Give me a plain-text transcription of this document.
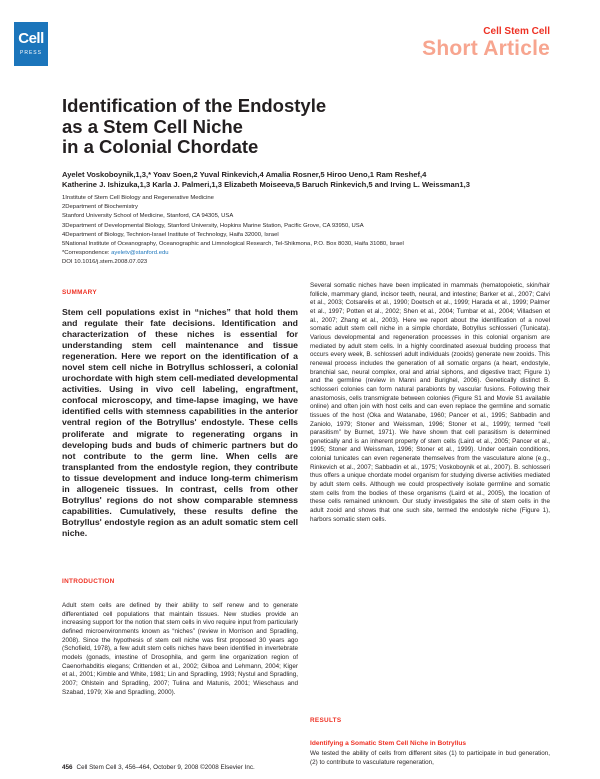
Cell
PRESS
Cell Stem Cell
Short Article
Identification of the Endostyle
as a Stem Cell Niche
in a Colonial Chordate
Ayelet Voskoboynik,1,3,* Yoav Soen,2 Yuval Rinkevich,4 Amalia Rosner,5 Hiroo Ueno,1 Ram Reshef,4
Katherine J. Ishizuka,1,3 Karla J. Palmeri,1,3 Elizabeth Moiseeva,5 Baruch Rinkevich,5 and Irving L. Weissman1,3
1Institute of Stem Cell Biology and Regenerative Medicine
2Department of Biochemistry
Stanford University School of Medicine, Stanford, CA 94305, USA
3Department of Developmental Biology, Stanford University, Hopkins Marine Station, Pacific Grove, CA 93950, USA
4Department of Biology, Technion-Israel Institute of Technology, Haifa 32000, Israel
5National Institute of Oceanography, Oceanographic and Limnological Research, Tel-Shikmona, P.O. Box 8030, Haifa 31080, Israel
*Correspondence: ayeletv@stanford.edu
DOI 10.1016/j.stem.2008.07.023
SUMMARY
Stem cell populations exist in “niches” that hold them and regulate their fate decisions. Identification and characterization of these niches is essential for understanding stem cell maintenance and tissue regeneration. Here we report on the identification of a novel stem cell niche in Botryllus schlosseri, a colonial urochordate with high stem cell-mediated developmental activities. Using in vivo cell labeling, engraftment, confocal microscopy, and time-lapse imaging, we have identified cells with stemness capabilities in the anterior ventral region of the Botryllus' endostyle. These cells proliferate and migrate to regenerating organs in developing buds and buds of chimeric partners but do not contribute to the germ line. When cells are transplanted from the endostyle region, they contribute to tissue development and induce long-term chimerism in allogeneic tissues. In contrast, cells from other Botryllus' regions do not show comparable stemness capabilities. Cumulatively, these results define the Botryllus' endostyle region as an adult somatic stem cell niche.
INTRODUCTION
Adult stem cells are defined by their ability to self renew and to generate differentiated cell populations that maintain tissues. New studies provide an increasing support for the notion that stem cells in vivo require input from particularly defined microenvironments known as “niches” (review in Morrison and Spradling, 2008). Since the hypothesis of stem cell niche was first proposed 30 years ago (Schofield, 1978), a few adult stem cells niches have been identified in invertebrate models (gonads, intestine of Drosophila, and germ line organization region of Caenorhabditis elegans; Crittenden et al., 2002; Gilboa and Lehmann, 2004; Kiger et al., 2001; Kimble and White, 1981; Lin and Spradling, 1993; Nystul and Spradling, 2007; Ohlstein and Spradling, 2007; Tulina and Matunis, 2001; Wieschaus and Szabad, 1979; Xie and Spradling, 2000).
Several somatic niches have been implicated in mammals (hematopoietic, skin/hair follicle, mammary gland, incisor teeth, neural, and intestine; Barker et al., 2007; Calvi et al., 2003; Cotsarelis et al., 1990; Doetsch et al., 1999; Harada et al., 1999; Palmer et al., 1997; Potten et al., 2002; Shen et al., 2004; Tumbar et al., 2004; Villadsen et al., 2007; Zhang et al., 2003). Here we report about the identification of a novel somatic adult stem cell niche in a simple chordate, Botryllus schlosseri (Tunicata). Various developmental and regeneration processes in this colonial organism are mediated by adult stem cells. In a highly coordinated asexual budding process that occurs every week, B. schlosseri adult individuals (zooids) generate new zooids. This renewal process includes the generation of all somatic organs (a heart, endostyle, branchial sac, neural complex, oral and atrial siphons, and digestive tract; Figure 1) and the germline (review in Manni and Burighel, 2006). Genetically distinct B. schlosseri colonies can form natural parabionts by vascular fusions. Following their anastomosis, cells transmigrate between colonies (Figure S1 and Movie S1 available online) and often join with host cells and can even replace the germline and somatic tissues of the host (Oka and Watanabe, 1960; Pancer et al., 1995; Sabbadin and Zaniolo, 1979; Stoner and Weissman, 1996; Stoner et al., 1999); termed “cell parasitism” by Burnet, 1971). We have shown that cell parasitism is determined genetically and is an inherent property of stem cells (Laird et al., 2005; Pancer et al., 1995; Stoner and Weissman, 1996; Stoner et al., 1999). Under certain conditions, colonial tunicates can even regenerate themselves from the vasculature alone (e.g., Rinkevich et al., 2007; Sabbadin et al., 1975; Voskoboynik et al., 2007). B. schlosseri thus offers a unique chordate model organism for studying diverse activities mediated by adult stem cells. Although we could prospectively isolate germline and somatic stem cells from the bodies of these organisms (Laird et al., 2005), the location of these cells remained unknown. Our study investigates the site of stem cells in the adult zooid and shows that one such site, termed the endostyle niche (Figure 1), harbors somatic stem cells.
RESULTS
Identifying a Somatic Stem Cell Niche in Botryllus
We tested the ability of cells from different sites (1) to participate in bud generation, (2) to contribute to vasculature regeneration,
456 Cell Stem Cell 3, 456–464, October 9, 2008 ©2008 Elsevier Inc.
